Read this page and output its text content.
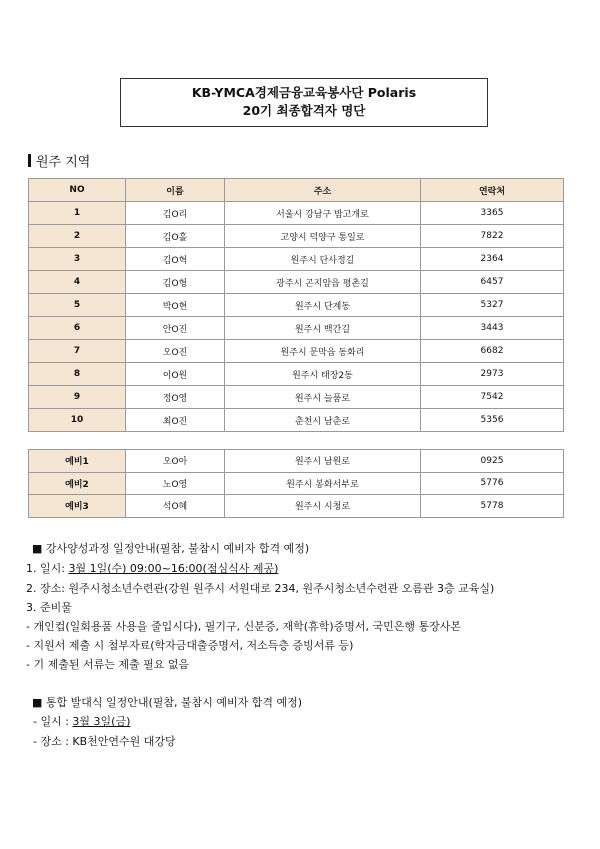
KB-YMCA경제금융교육봉사단 Polaris
20기 최종합격자 명단
원주 지역
NO	이름	주소	연락처
1	김O리	서울시 강남구 밤고개로	3365
2	김O홀	고양시 덕양구 통일로	7822
3	김O혁	원주시 단사정길	2364
4	김O형	광주시 곤지암읍 평촌길	6457
5	박O현	원주시 단계동	5327
6	안O진	원주시 백간길	3443
7	오O진	원주시 문막읍 동화리	6682
8	이O원	원주시 태장2동	2973
9	정O영	원주시 늘품로	7542
10	최O진	춘천시 남춘로	5356
예비1	오O아	원주시 남원로	0925
예비2	노O영	원주시 봉화서부로	5776
예비3	석O혜	원주시 시청로	5778
■ 강사양성과정 일정안내(필참, 불참시 예비자 합격 예정)
1. 일시: 3월 1일(수) 09:00~16:00(점심식사 제공)
2. 장소: 원주시청소년수련관(강원 원주시 서원대로 234, 원주시청소년수련관 오름관 3층 교육실)
3. 준비물
- 개인컵(일회용품 사용을 줄입시다), 필기구, 신분증, 재학(휴학)증명서, 국민은행 통장사본
- 지원서 제출 시 첨부자료(학자금대출증명서, 저소득층 증빙서류 등)
- 기 제출된 서류는 제출 필요 없음
■ 통합 발대식 일정안내(필참, 불참시 예비자 합격 예정)
- 일시 : 3월 3일(금)
- 장소 : KB천안연수원 대강당
